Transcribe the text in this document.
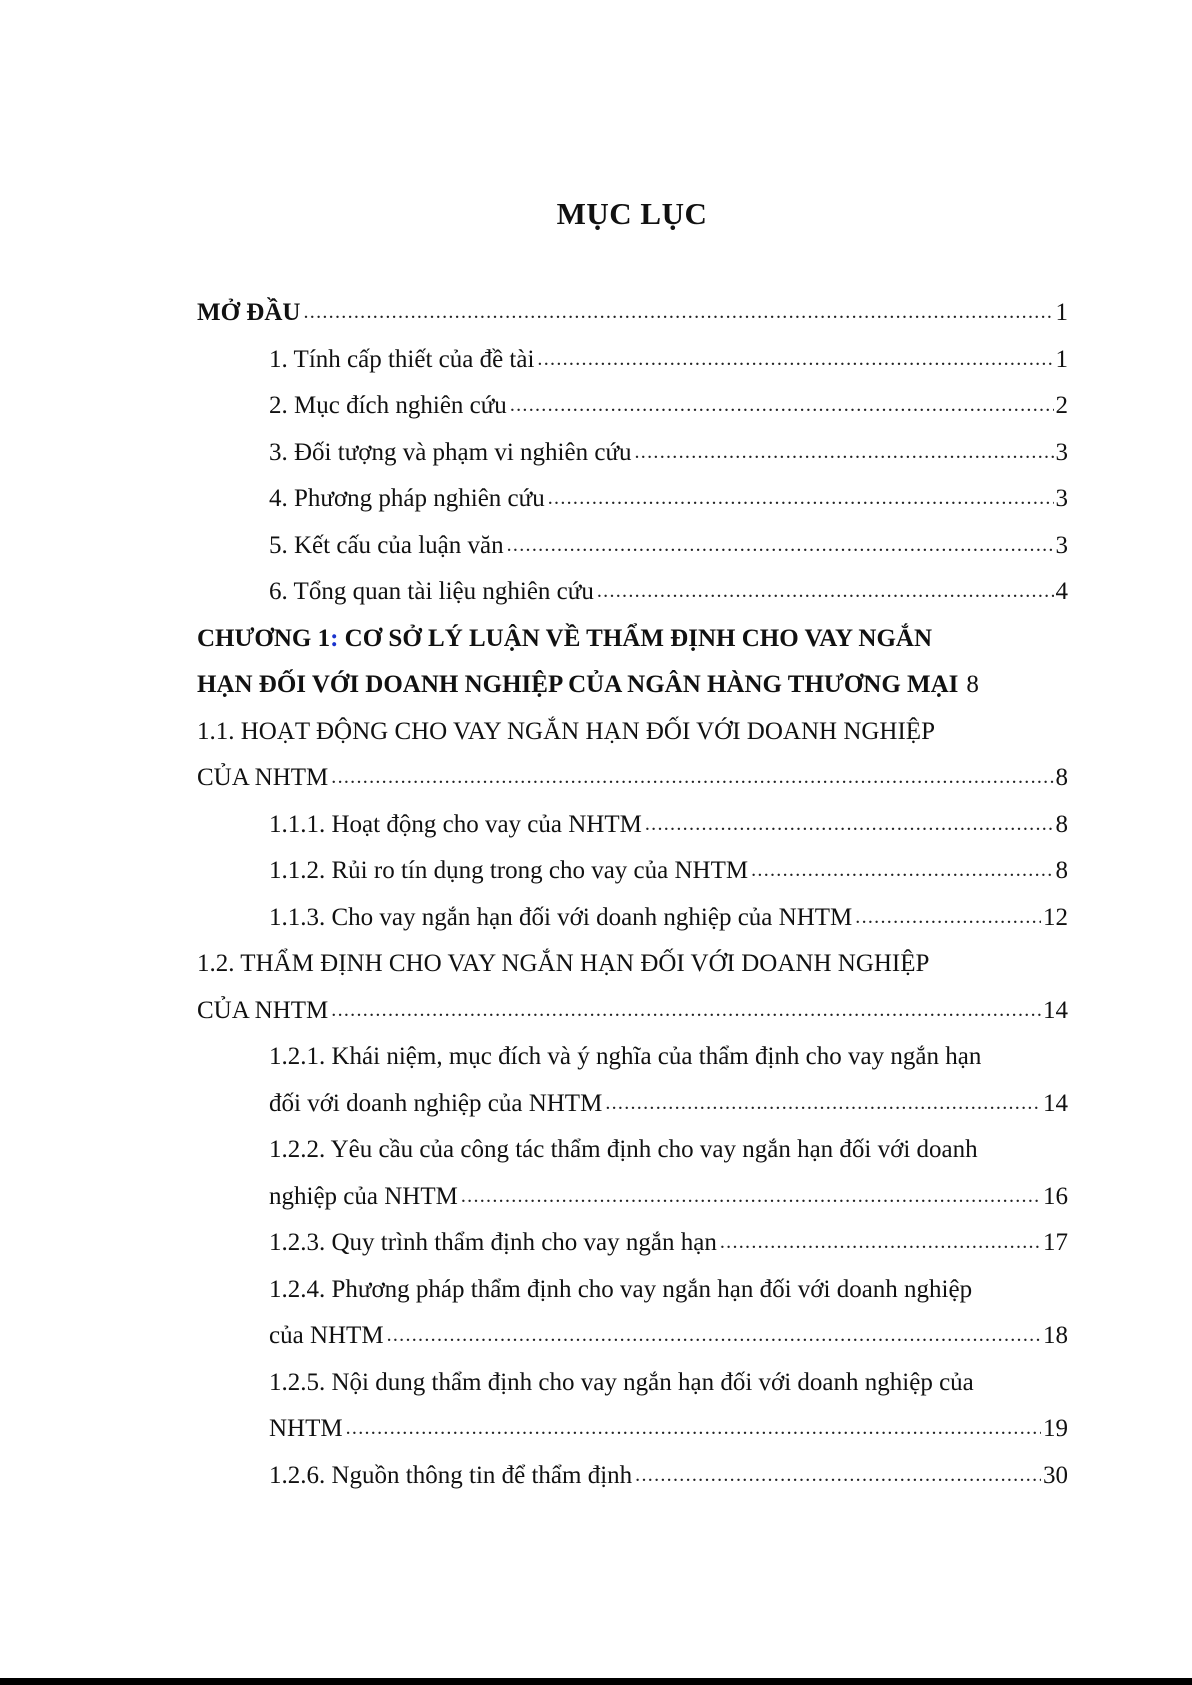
MỤC LỤC
MỞ ĐẦU .....	1
1. Tính cấp thiết của đề tài .....	1
2. Mục đích nghiên cứu .....	2
3. Đối tượng và phạm vi nghiên cứu .....	3
4. Phương pháp nghiên cứu .....	3
5. Kết cấu của luận văn .....	3
6. Tổng quan tài liệu nghiên cứu .....	4
CHƯƠNG 1: CƠ SỞ LÝ LUẬN VỀ THẨM ĐỊNH CHO VAY NGẮN
HẠN ĐỐI VỚI DOANH NGHIỆP CỦA NGÂN HÀNG THƯƠNG MẠI 8
1.1. HOẠT ĐỘNG CHO VAY NGẮN HẠN ĐỐI VỚI DOANH NGHIỆP
CỦA NHTM .....	8
1.1.1. Hoạt động cho vay của NHTM .....	8
1.1.2. Rủi ro tín dụng trong cho vay của NHTM .....	8
1.1.3. Cho vay ngắn hạn đối với doanh nghiệp của NHTM .....	12
1.2. THẨM ĐỊNH CHO VAY NGẮN HẠN ĐỐI VỚI DOANH NGHIỆP
CỦA NHTM .....	14
1.2.1. Khái niệm, mục đích và ý nghĩa của thẩm định cho vay ngắn hạn
đối với doanh nghiệp của NHTM .....	14
1.2.2. Yêu cầu của công tác thẩm định cho vay ngắn hạn đối với doanh
nghiệp của NHTM .....	16
1.2.3. Quy trình thẩm định cho vay ngắn hạn .....	17
1.2.4. Phương pháp thẩm định cho vay ngắn hạn đối với doanh nghiệp
của NHTM .....	18
1.2.5. Nội dung thẩm định cho vay ngắn hạn đối với doanh nghiệp của
NHTM .....	19
1.2.6. Nguồn thông tin để thẩm định .....	30
